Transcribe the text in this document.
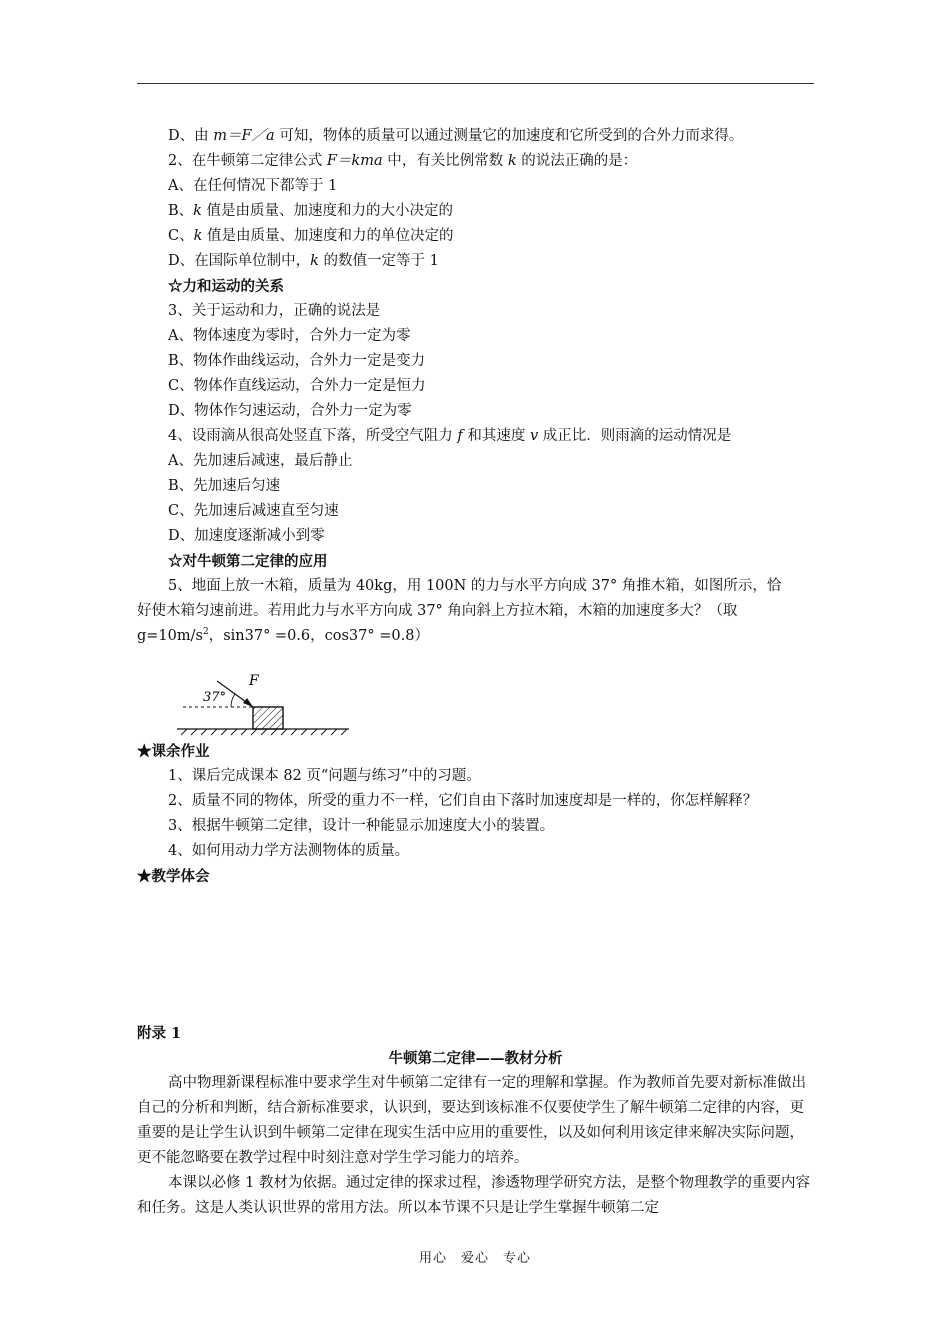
D、由 m＝F／a 可知，物体的质量可以通过测量它的加速度和它所受到的合外力而求得。

2、在牛顿第二定律公式 F＝kma 中，有关比例常数 k 的说法正确的是：

A、在任何情况下都等于 1

B、k 值是由质量、加速度和力的大小决定的

C、k 值是由质量、加速度和力的单位决定的

D、在国际单位制中，k 的数值一定等于 1

☆力和运动的关系

3、关于运动和力，正确的说法是

A、物体速度为零时，合外力一定为零

B、物体作曲线运动，合外力一定是变力

C、物体作直线运动，合外力一定是恒力

D、物体作匀速运动，合外力一定为零

4、设雨滴从很高处竖直下落，所受空气阻力 f 和其速度 v 成正比．则雨滴的运动情况是

A、先加速后减速，最后静止

B、先加速后匀速

C、先加速后减速直至匀速

D、加速度逐渐减小到零

☆对牛顿第二定律的应用

5、地面上放一木箱，质量为 40kg，用 100N 的力与水平方向成 37° 角推木箱，如图所示，恰

好使木箱匀速前进。若用此力与水平方向成 37° 角向斜上方拉木箱，木箱的加速度多大？（取

$g=10m/s^2$，sin37° =0.6，cos37° =0.8）

37°
F

★课余作业

1、课后完成课本 82 页“问题与练习”中的习题。

2、质量不同的物体，所受的重力不一样，它们自由下落时加速度却是一样的，你怎样解释？

3、根据牛顿第二定律，设计一种能显示加速度大小的装置。

4、如何用动力学方法测物体的质量。

★教学体会

附录 1

牛顿第二定律——教材分析

高中物理新课程标准中要求学生对牛顿第二定律有一定的理解和掌握。作为教师首先要对新标准做出自己的分析和判断，结合新标准要求，认识到，要达到该标准不仅要使学生了解牛顿第二定律的内容，更重要的是让学生认识到牛顿第二定律在现实生活中应用的重要性，以及如何利用该定律来解决实际问题，更不能忽略要在教学过程中时刻注意对学生学习能力的培养。

本课以必修 1 教材为依据。通过定律的探求过程，渗透物理学研究方法，是整个物理教学的重要内容和任务。这是人类认识世界的常用方法。所以本节课不只是让学生掌握牛顿第二定

用心　爱心　专心
